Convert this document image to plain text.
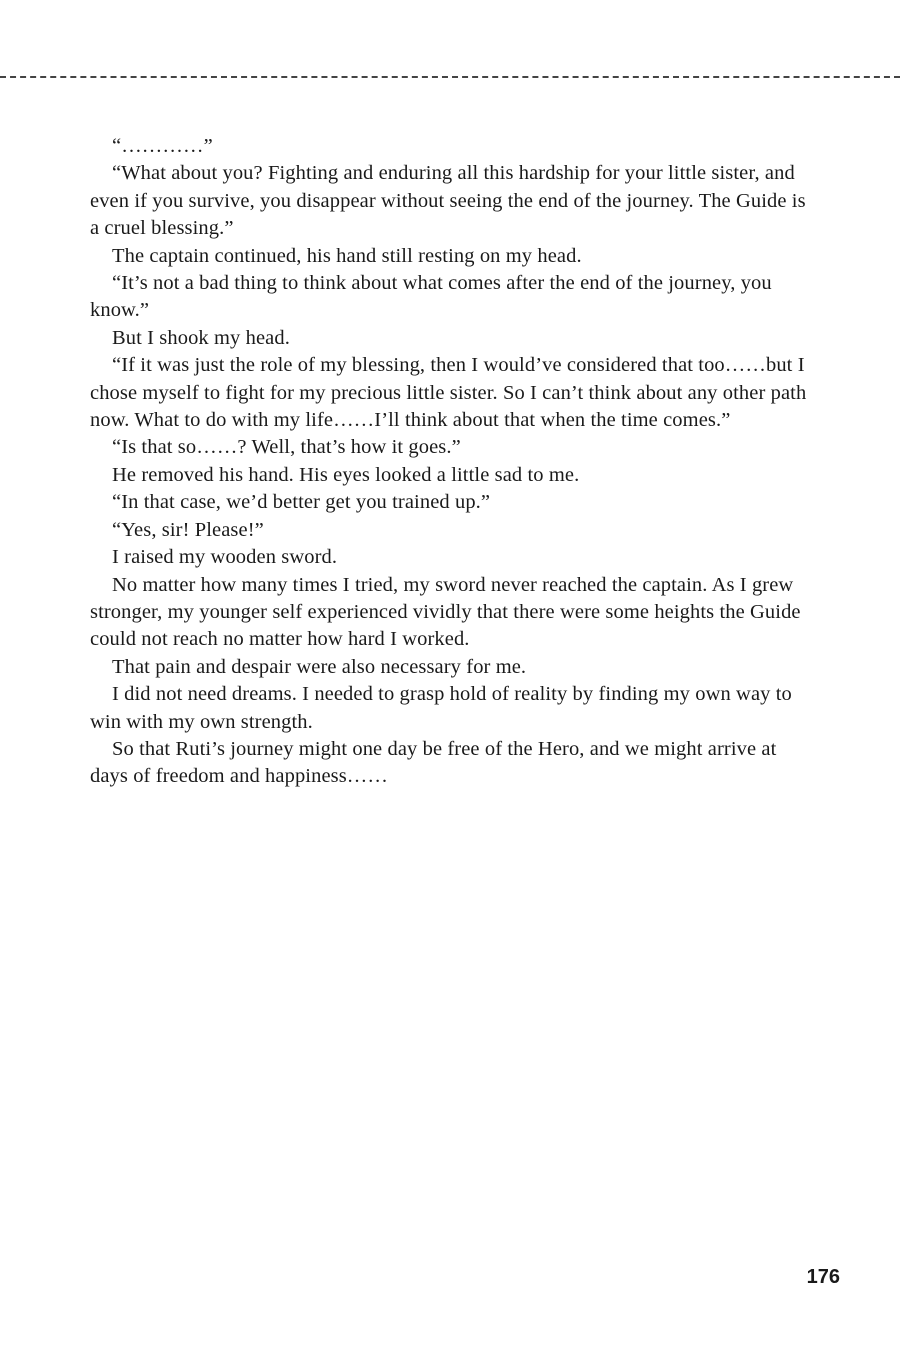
“…………”

“What about you? Fighting and enduring all this hardship for your little sister, and even if you survive, you disappear without seeing the end of the journey. The Guide is a cruel blessing.”

The captain continued, his hand still resting on my head.

“It’s not a bad thing to think about what comes after the end of the journey, you know.”

But I shook my head.

“If it was just the role of my blessing, then I would’ve considered that too……but I chose myself to fight for my precious little sister. So I can’t think about any other path now. What to do with my life……I’ll think about that when the time comes.”

“Is that so……? Well, that’s how it goes.”

He removed his hand. His eyes looked a little sad to me.

“In that case, we’d better get you trained up.”

“Yes, sir! Please!”

I raised my wooden sword.

No matter how many times I tried, my sword never reached the captain. As I grew stronger, my younger self experienced vividly that there were some heights the Guide could not reach no matter how hard I worked.

That pain and despair were also necessary for me.

I did not need dreams. I needed to grasp hold of reality by finding my own way to win with my own strength.

So that Ruti’s journey might one day be free of the Hero, and we might arrive at days of freedom and happiness……

176
